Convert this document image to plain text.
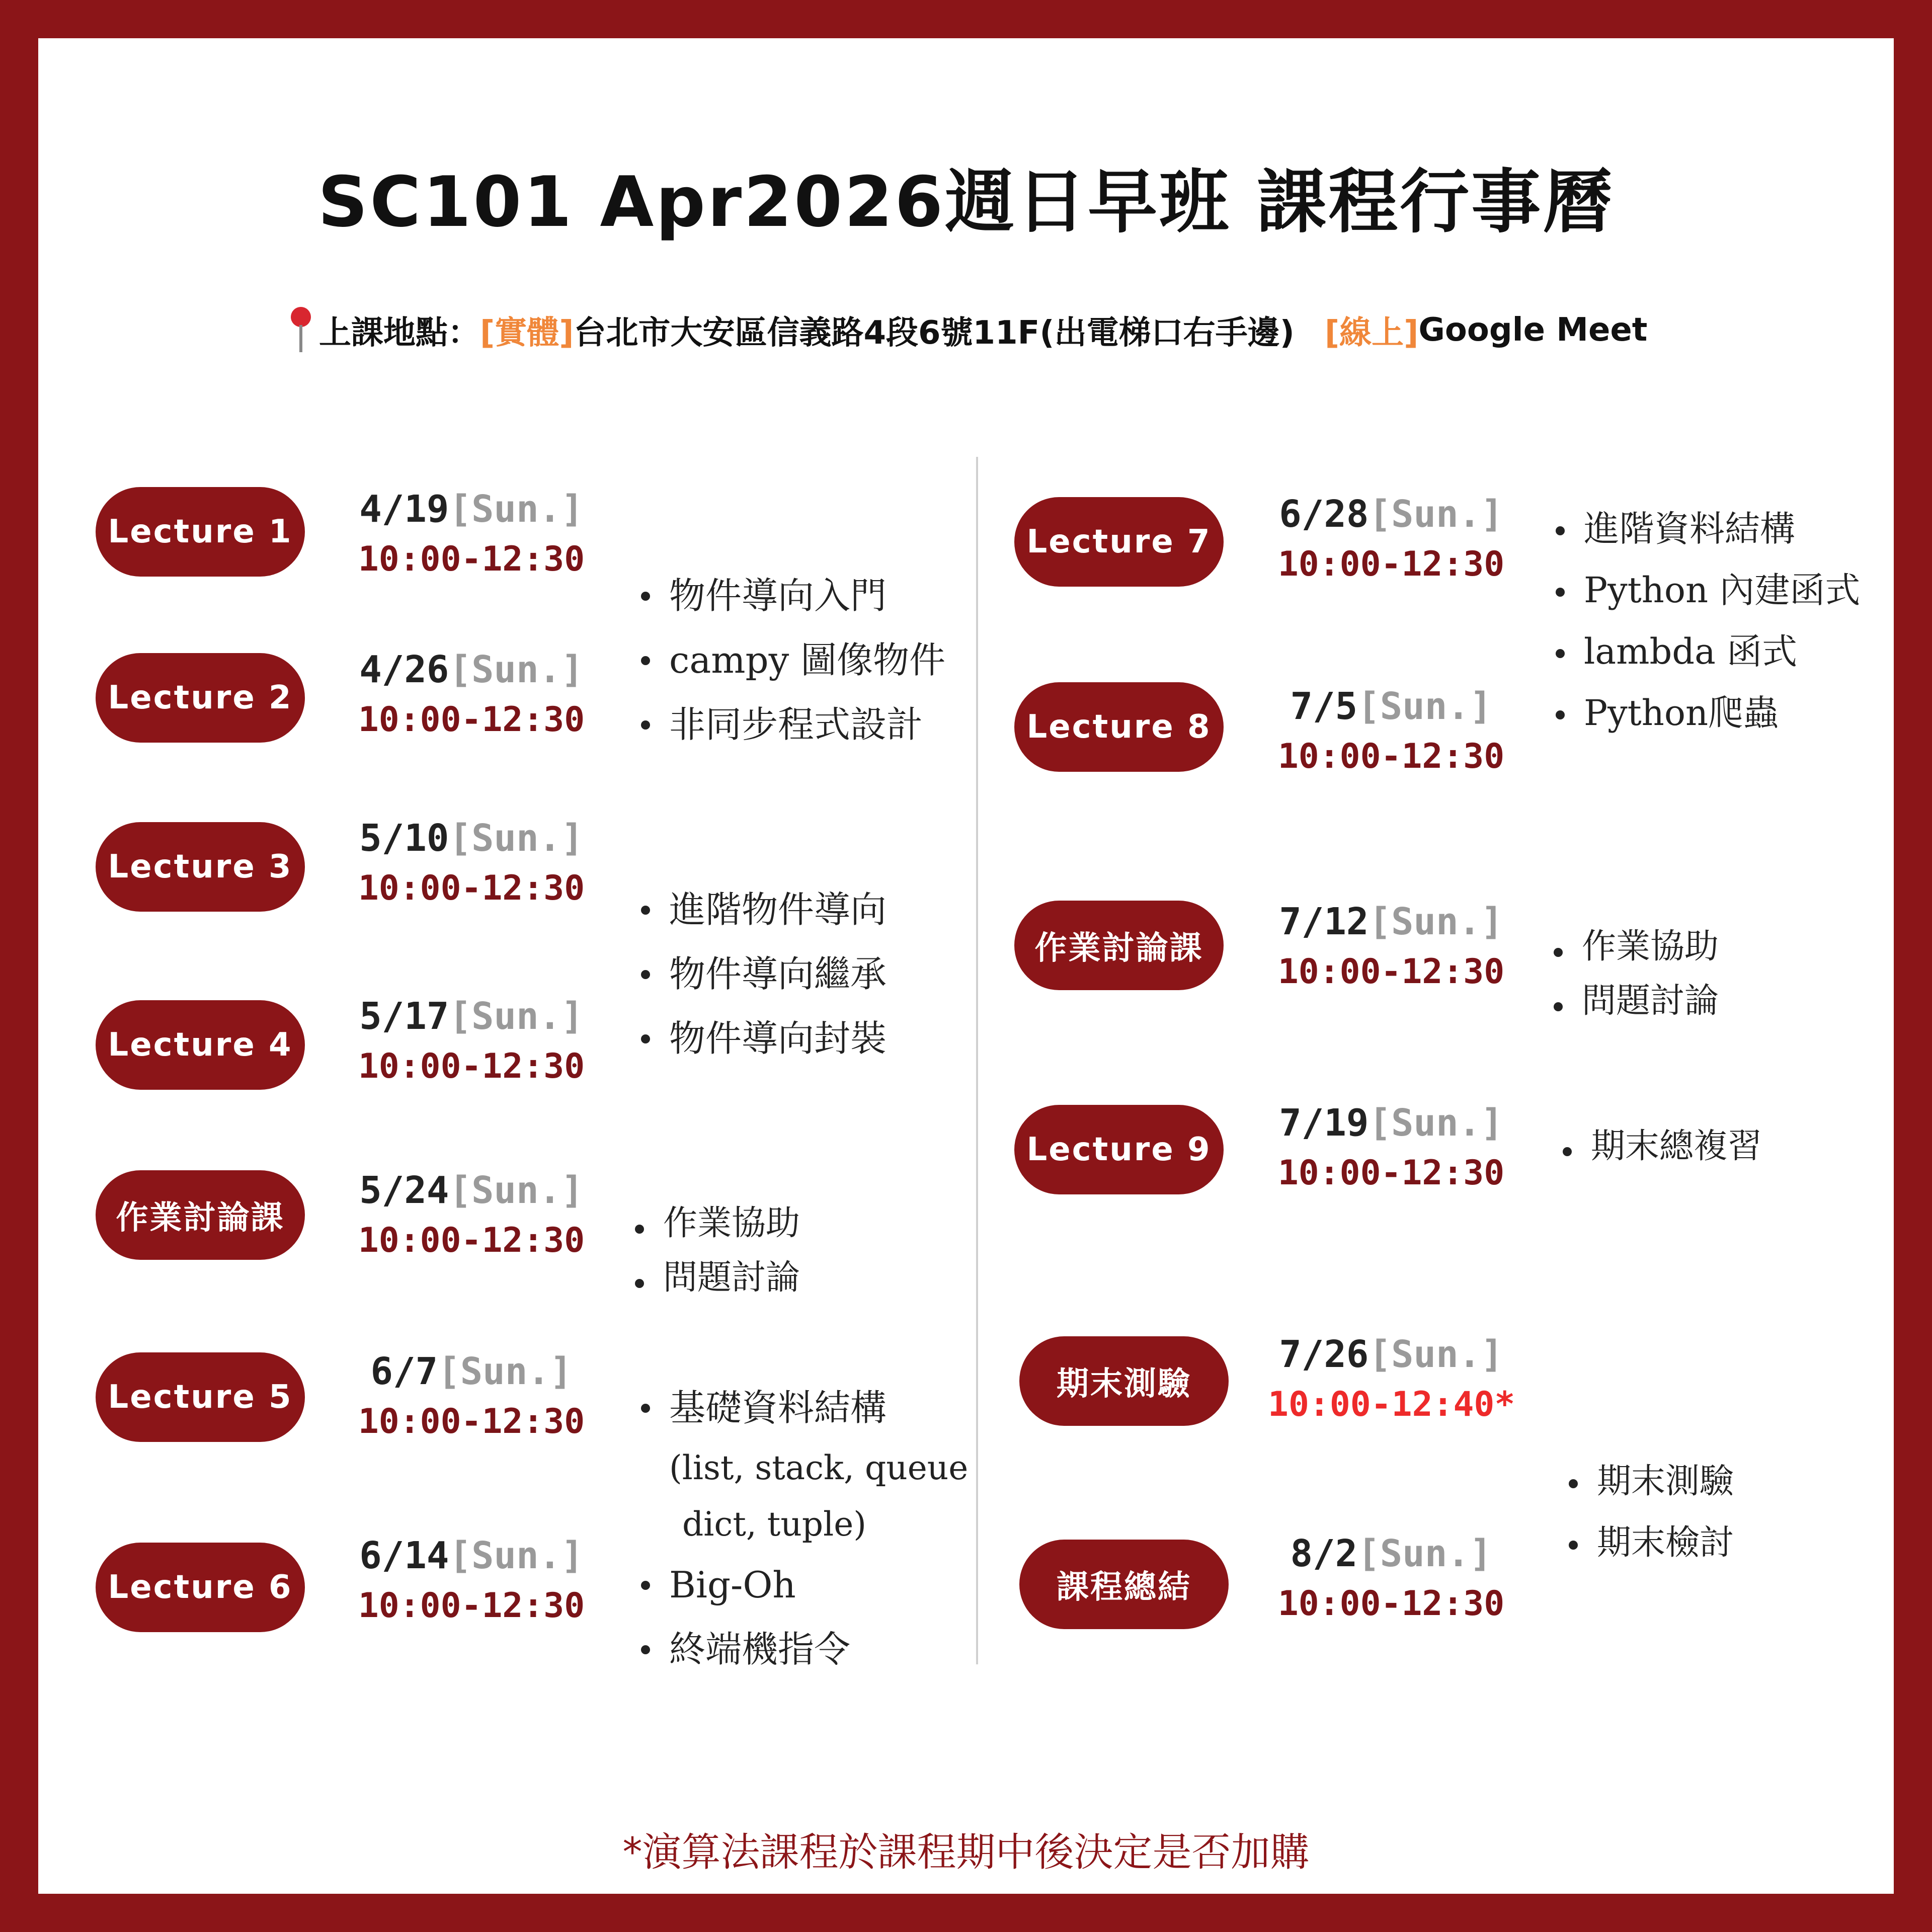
SC101 Apr2026週日早班 課程行事曆
上課地點： [實體] 台北市大安區信義路4段6號11F(出電梯口右手邊) [線上] Google Meet
Lecture 1
4/19[Sun.]
10:00-12:30
Lecture 2
4/26[Sun.]
10:00-12:30
Lecture 3
5/10[Sun.]
10:00-12:30
Lecture 4
5/17[Sun.]
10:00-12:30
作業討論課
5/24[Sun.]
10:00-12:30
Lecture 5
6/7[Sun.]
10:00-12:30
Lecture 6
6/14[Sun.]
10:00-12:30
物件導向入門
campy 圖像物件
非同步程式設計
進階物件導向
物件導向繼承
物件導向封裝
作業協助
問題討論
基礎資料結構
(list, stack, queue
dict, tuple)
Big-Oh
終端機指令
Lecture 7
6/28[Sun.]
10:00-12:30
Lecture 8	7/5[Sun.]
10:00-12:30
作業討論課
7/12[Sun.]
10:00-12:30
Lecture 9
7/19[Sun.]
10:00-12:30
期末測驗
7/26[Sun.]
10:00-12:40*
課程總結
8/2[Sun.]
10:00-12:30
進階資料結構
Python 內建函式
lambda 函式
Python爬蟲
作業協助
問題討論
期末總複習
期末測驗
期末檢討
*演算法課程於課程期中後決定是否加購
